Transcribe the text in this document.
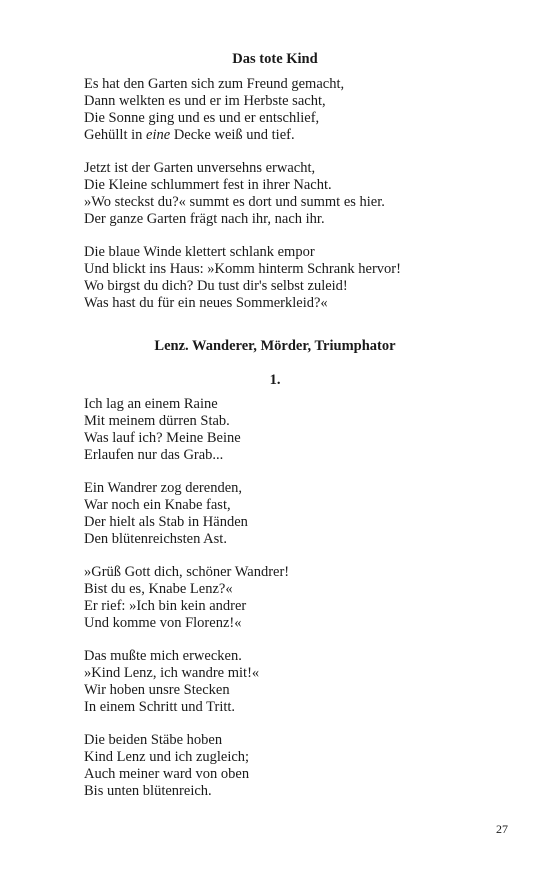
Das tote Kind
Es hat den Garten sich zum Freund gemacht,
Dann welkten es und er im Herbste sacht,
Die Sonne ging und es und er entschlief,
Gehüllt in eine Decke weiß und tief.
Jetzt ist der Garten unversehns erwacht,
Die Kleine schlummert fest in ihrer Nacht.
»Wo steckst du?« summt es dort und summt es hier.
Der ganze Garten frägt nach ihr, nach ihr.
Die blaue Winde klettert schlank empor
Und blickt ins Haus: »Komm hinterm Schrank hervor!
Wo birgst du dich? Du tust dir's selbst zuleid!
Was hast du für ein neues Sommerkleid?«
Lenz. Wanderer, Mörder, Triumphator
1.
Ich lag an einem Raine
Mit meinem dürren Stab.
Was lauf ich? Meine Beine
Erlaufen nur das Grab...
Ein Wandrer zog derenden,
War noch ein Knabe fast,
Der hielt als Stab in Händen
Den blütenreichsten Ast.
»Grüß Gott dich, schöner Wandrer!
Bist du es, Knabe Lenz?«
Er rief: »Ich bin kein andrer
Und komme von Florenz!«
Das mußte mich erwecken.
»Kind Lenz, ich wandre mit!«
Wir hoben unsre Stecken
In einem Schritt und Tritt.
Die beiden Stäbe hoben
Kind Lenz und ich zugleich;
Auch meiner ward von oben
Bis unten blütenreich.

27
